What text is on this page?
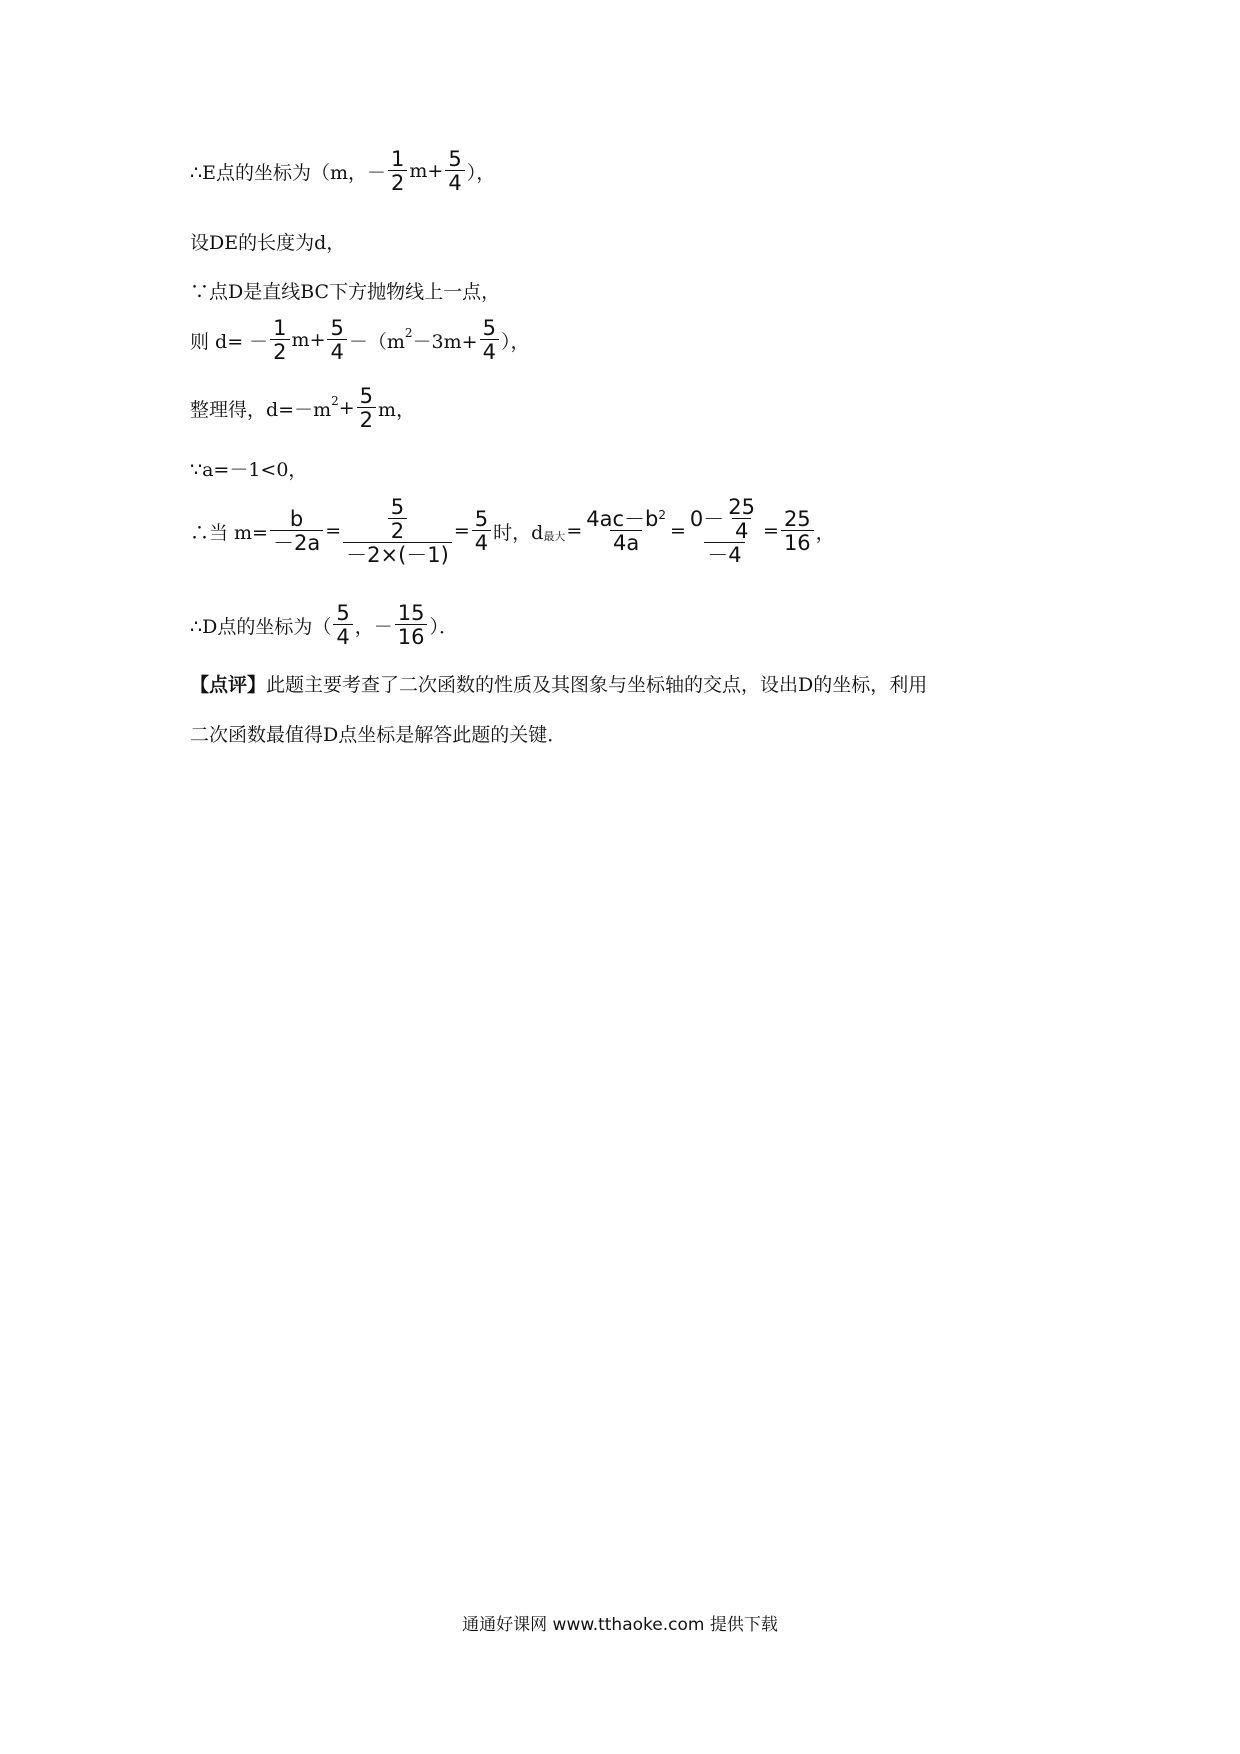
∴E点的坐标为（m， － $\frac{1}{2} m+ \frac{5}{4}$ ），
设DE的长度为d，
∵点D是直线BC下方抛物线上一点，
则 $d= - \frac{1}{2} m+ \frac{5}{4} -(m$ $2 -3m+ \frac{5}{4}$ ），
整理得，d=－m $2 + \frac{5}{2}$ m，
∵a=－1<0，
∴当 $m= \frac{b}{-2a} = \frac{\frac{5}{2}}{-2\times(-1)} = \frac{5}{4}$ 时，d 最大 = $\frac{4ac-b^2}{4a} = \frac{0- \frac{25}{4}}{-4} = \frac{25}{16}$ ，
∴D点的坐标为（ $\frac{5}{4}$ ，－ $\frac{15}{16}$ ）．
【点评】 此题主要考查了二次函数的性质及其图象与坐标轴的交点，设出D的坐标，利用
二次函数最值得D点坐标是解答此题的关键．
通通好课网 www.tthaoke.com 提供下载
